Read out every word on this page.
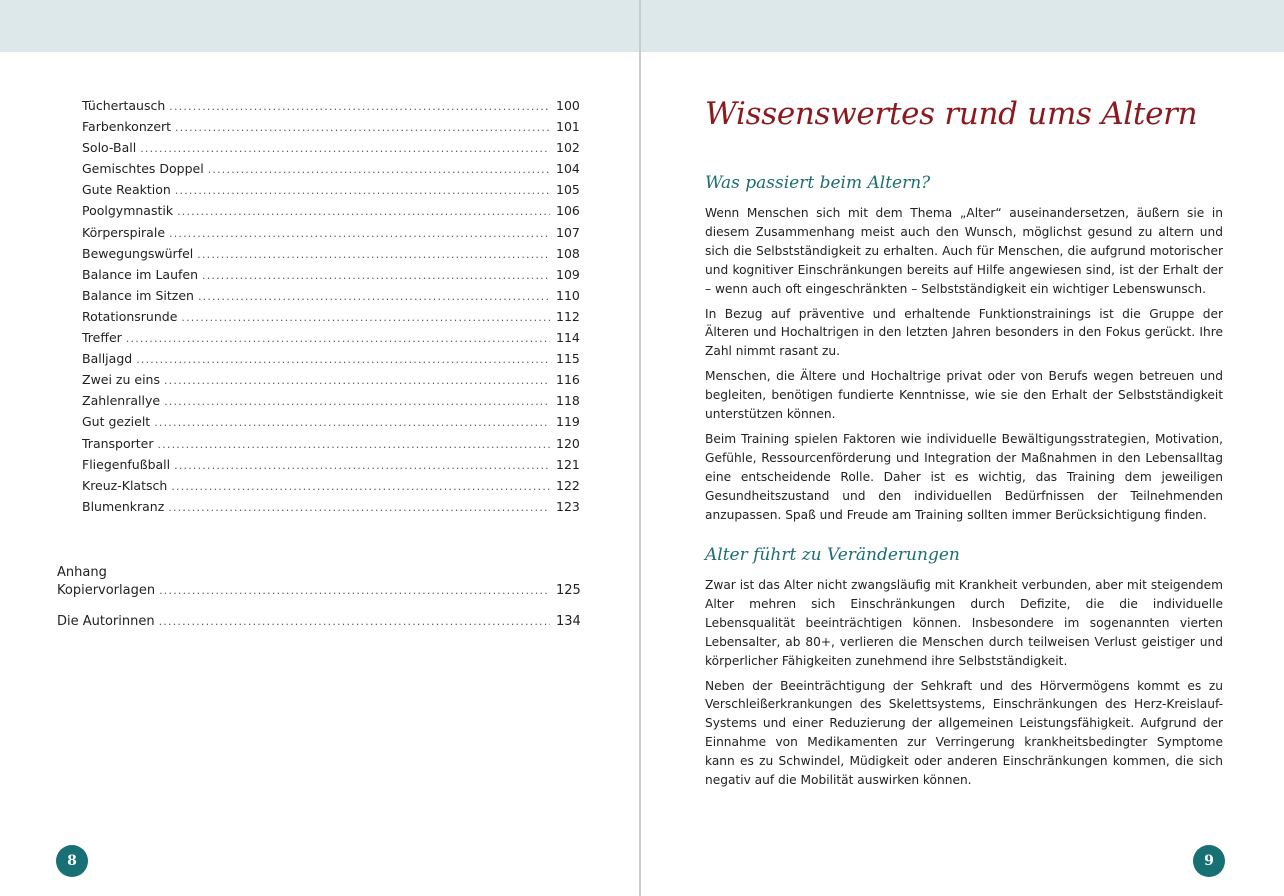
Tüchertausch .....	100
Farbenkonzert .....	101
Solo-Ball .....	102
Gemischtes Doppel .....	104
Gute Reaktion .....	105
Poolgymnastik .....	106
Körperspirale .....	107
Bewegungswürfel .....	108
Balance im Laufen .....	109
Balance im Sitzen .....	110
Rotationsrunde .....	112
Treffer .....	114
Balljagd .....	115
Zwei zu eins .....	116
Zahlenrallye .....	118
Gut gezielt .....	119
Transporter .....	120
Fliegenfußball .....	121
Kreuz-Klatsch .....	122
Blumenkranz .....	123
Anhang
Kopiervorlagen .....	125
Die Autorinnen .....	134
8
Wissenswertes rund ums Altern
Was passiert beim Altern?

Wenn Menschen sich mit dem Thema „Alter“ auseinandersetzen, äußern sie in diesem Zusammenhang meist auch den Wunsch, möglichst gesund zu altern und sich die Selbstständigkeit zu erhalten. Auch für Menschen, die aufgrund motorischer und kognitiver Einschränkungen bereits auf Hilfe angewiesen sind, ist der Erhalt der – wenn auch oft eingeschränkten – Selbstständigkeit ein wichtiger Lebenswunsch.

In Bezug auf präventive und erhaltende Funktionstrainings ist die Gruppe der Älteren und Hochaltrigen in den letzten Jahren besonders in den Fokus gerückt. Ihre Zahl nimmt rasant zu.

Menschen, die Ältere und Hochaltrige privat oder von Berufs wegen betreuen und begleiten, benötigen fundierte Kenntnisse, wie sie den Erhalt der Selbstständigkeit unterstützen können.

Beim Training spielen Faktoren wie individuelle Bewältigungsstrategien, Motivation, Gefühle, Ressourcenförderung und Integration der Maßnahmen in den Lebensalltag eine entscheidende Rolle. Daher ist es wichtig, das Training dem jeweiligen Gesundheitszustand und den individuellen Bedürfnissen der Teilnehmenden anzupassen. Spaß und Freude am Training sollten immer Berücksichtigung finden.

Alter führt zu Veränderungen

Zwar ist das Alter nicht zwangsläufig mit Krankheit verbunden, aber mit steigendem Alter mehren sich Einschränkungen durch Defizite, die die individuelle Lebensqualität beeinträchtigen können. Insbesondere im sogenannten vierten Lebensalter, ab 80+, verlieren die Menschen durch teilweisen Verlust geistiger und körperlicher Fähigkeiten zunehmend ihre Selbstständigkeit.

Neben der Beeinträchtigung der Sehkraft und des Hörvermögens kommt es zu Verschleißerkrankungen des Skelettsystems, Einschränkungen des Herz-Kreislauf-Systems und einer Reduzierung der allgemeinen Leistungsfähigkeit. Aufgrund der Einnahme von Medikamenten zur Verringerung krankheitsbedingter Symptome kann es zu Schwindel, Müdigkeit oder anderen Einschränkungen kommen, die sich negativ auf die Mobilität auswirken können.

9
